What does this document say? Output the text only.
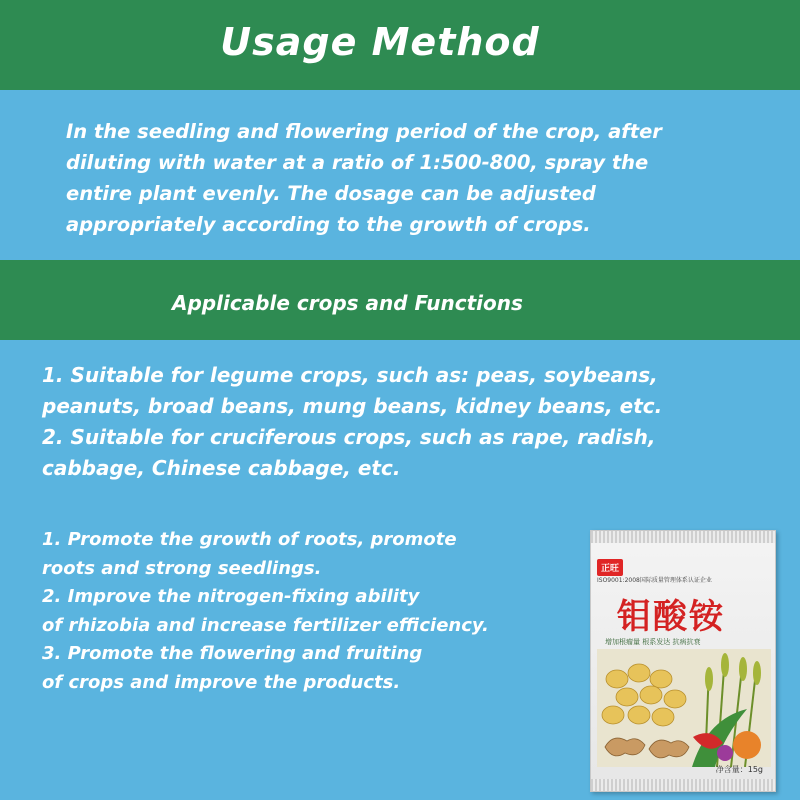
Usage Method

In the seedling and flowering period of the crop, after

diluting with water at a ratio of 1:500-800, spray the

entire plant evenly. The dosage can be adjusted

appropriately according to the growth of crops.

Applicable crops and Functions

1. Suitable for legume crops, such as: peas, soybeans,

peanuts, broad beans, mung beans, kidney beans, etc.

2. Suitable for cruciferous crops, such as rape, radish,

cabbage, Chinese cabbage, etc.

1. Promote the growth of roots, promote

roots and strong seedlings.

2. Improve the nitrogen-fixing ability

of rhizobia and increase fertilizer efficiency.

3. Promote the flowering and fruiting

of crops and improve the products.

正旺
ISO9001:2008国际质量管理体系认证企业
钼酸铵
增加根瘤量 根系发达 抗病抗衰
净含量：15g
